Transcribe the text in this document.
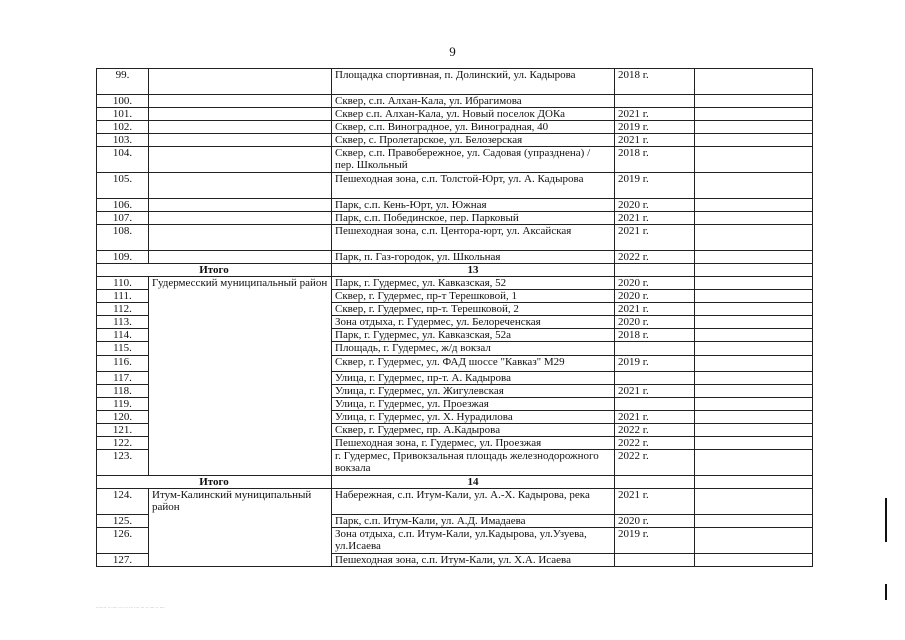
9
99.		Площадка спортивная, п. Долинский, ул. Кадырова	2018 г.	
100.		Сквер, с.п. Алхан-Кала, ул. Ибрагимова		
101.		Сквер с.п. Алхан-Кала, ул. Новый поселок ДОКа	2021 г.	
102.		Сквер, с.п. Виноградное, ул. Виноградная, 40	2019 г.	
103.		Сквер, с. Пролетарское, ул. Белозерская	2021 г.	
104.		Сквер, с.п. Правобережное, ул. Садовая (упразднена) / пер. Школьный	2018 г.	
105.		Пешеходная зона, с.п. Толстой-Юрт, ул. А. Кадырова	2019 г.	
106.		Парк, с.п. Кень-Юрт, ул. Южная	2020 г.	
107.		Парк, с.п. Побединское, пер. Парковый	2021 г.	
108.		Пешеходная зона, с.п. Центора-юрт, ул. Аксайская	2021 г.	
109.		Парк, п. Газ-городок, ул. Школьная	2022 г.	
Итого		13		
110.	Гудермесский муниципальный район	Парк, г. Гудермес, ул. Кавказская, 52	2020 г.	
111.		Сквер, г. Гудермес, пр-т Терешковой, 1	2020 г.	
112.		Сквер, г. Гудермес, пр-т. Терешковой, 2	2021 г.	
113.		Зона отдыха, г. Гудермес, ул. Белореченская	2020 г.	
114.		Парк, г. Гудермес, ул. Кавказская, 52а	2018 г.	
115.		Площадь, г. Гудермес, ж/д вокзал		
116.		Сквер, г. Гудермес, ул. ФАД шоссе "Кавказ" М29	2019 г.	
117.		Улица, г. Гудермес, пр-т. А. Кадырова		
118.		Улица, г. Гудермес, ул. Жигулевская	2021 г.	
119.		Улица, г. Гудермес, ул. Проезжая		
120.		Улица, г. Гудермес, ул. Х. Нурадилова	2021 г.	
121.		Сквер, г. Гудермес, пр. А.Кадырова	2022 г.	
122.		Пешеходная зона, г. Гудермес, ул. Проезжая	2022 г.	
123.		г. Гудермес, Привокзальная площадь железнодорожного вокзала	2022 г.	
Итого		14		
124.	Итум-Калинский муниципальный район	Набережная, с.п. Итум-Кали, ул. А.-Х. Кадырова, река	2021 г.	
125.		Парк, с.п. Итум-Кали, ул. А.Д. Имадаева	2020 г.	
126.		Зона отдыха, с.п. Итум-Кали, ул.Кадырова, ул.Узуева, ул.Исаева	2019 г.	
127.		Пешеходная зона, с.п. Итум-Кали, ул. Х.А. Исаева		
········ ·· ····· ···· ·· ··· ···· ··· ·· ···· ·· ····
